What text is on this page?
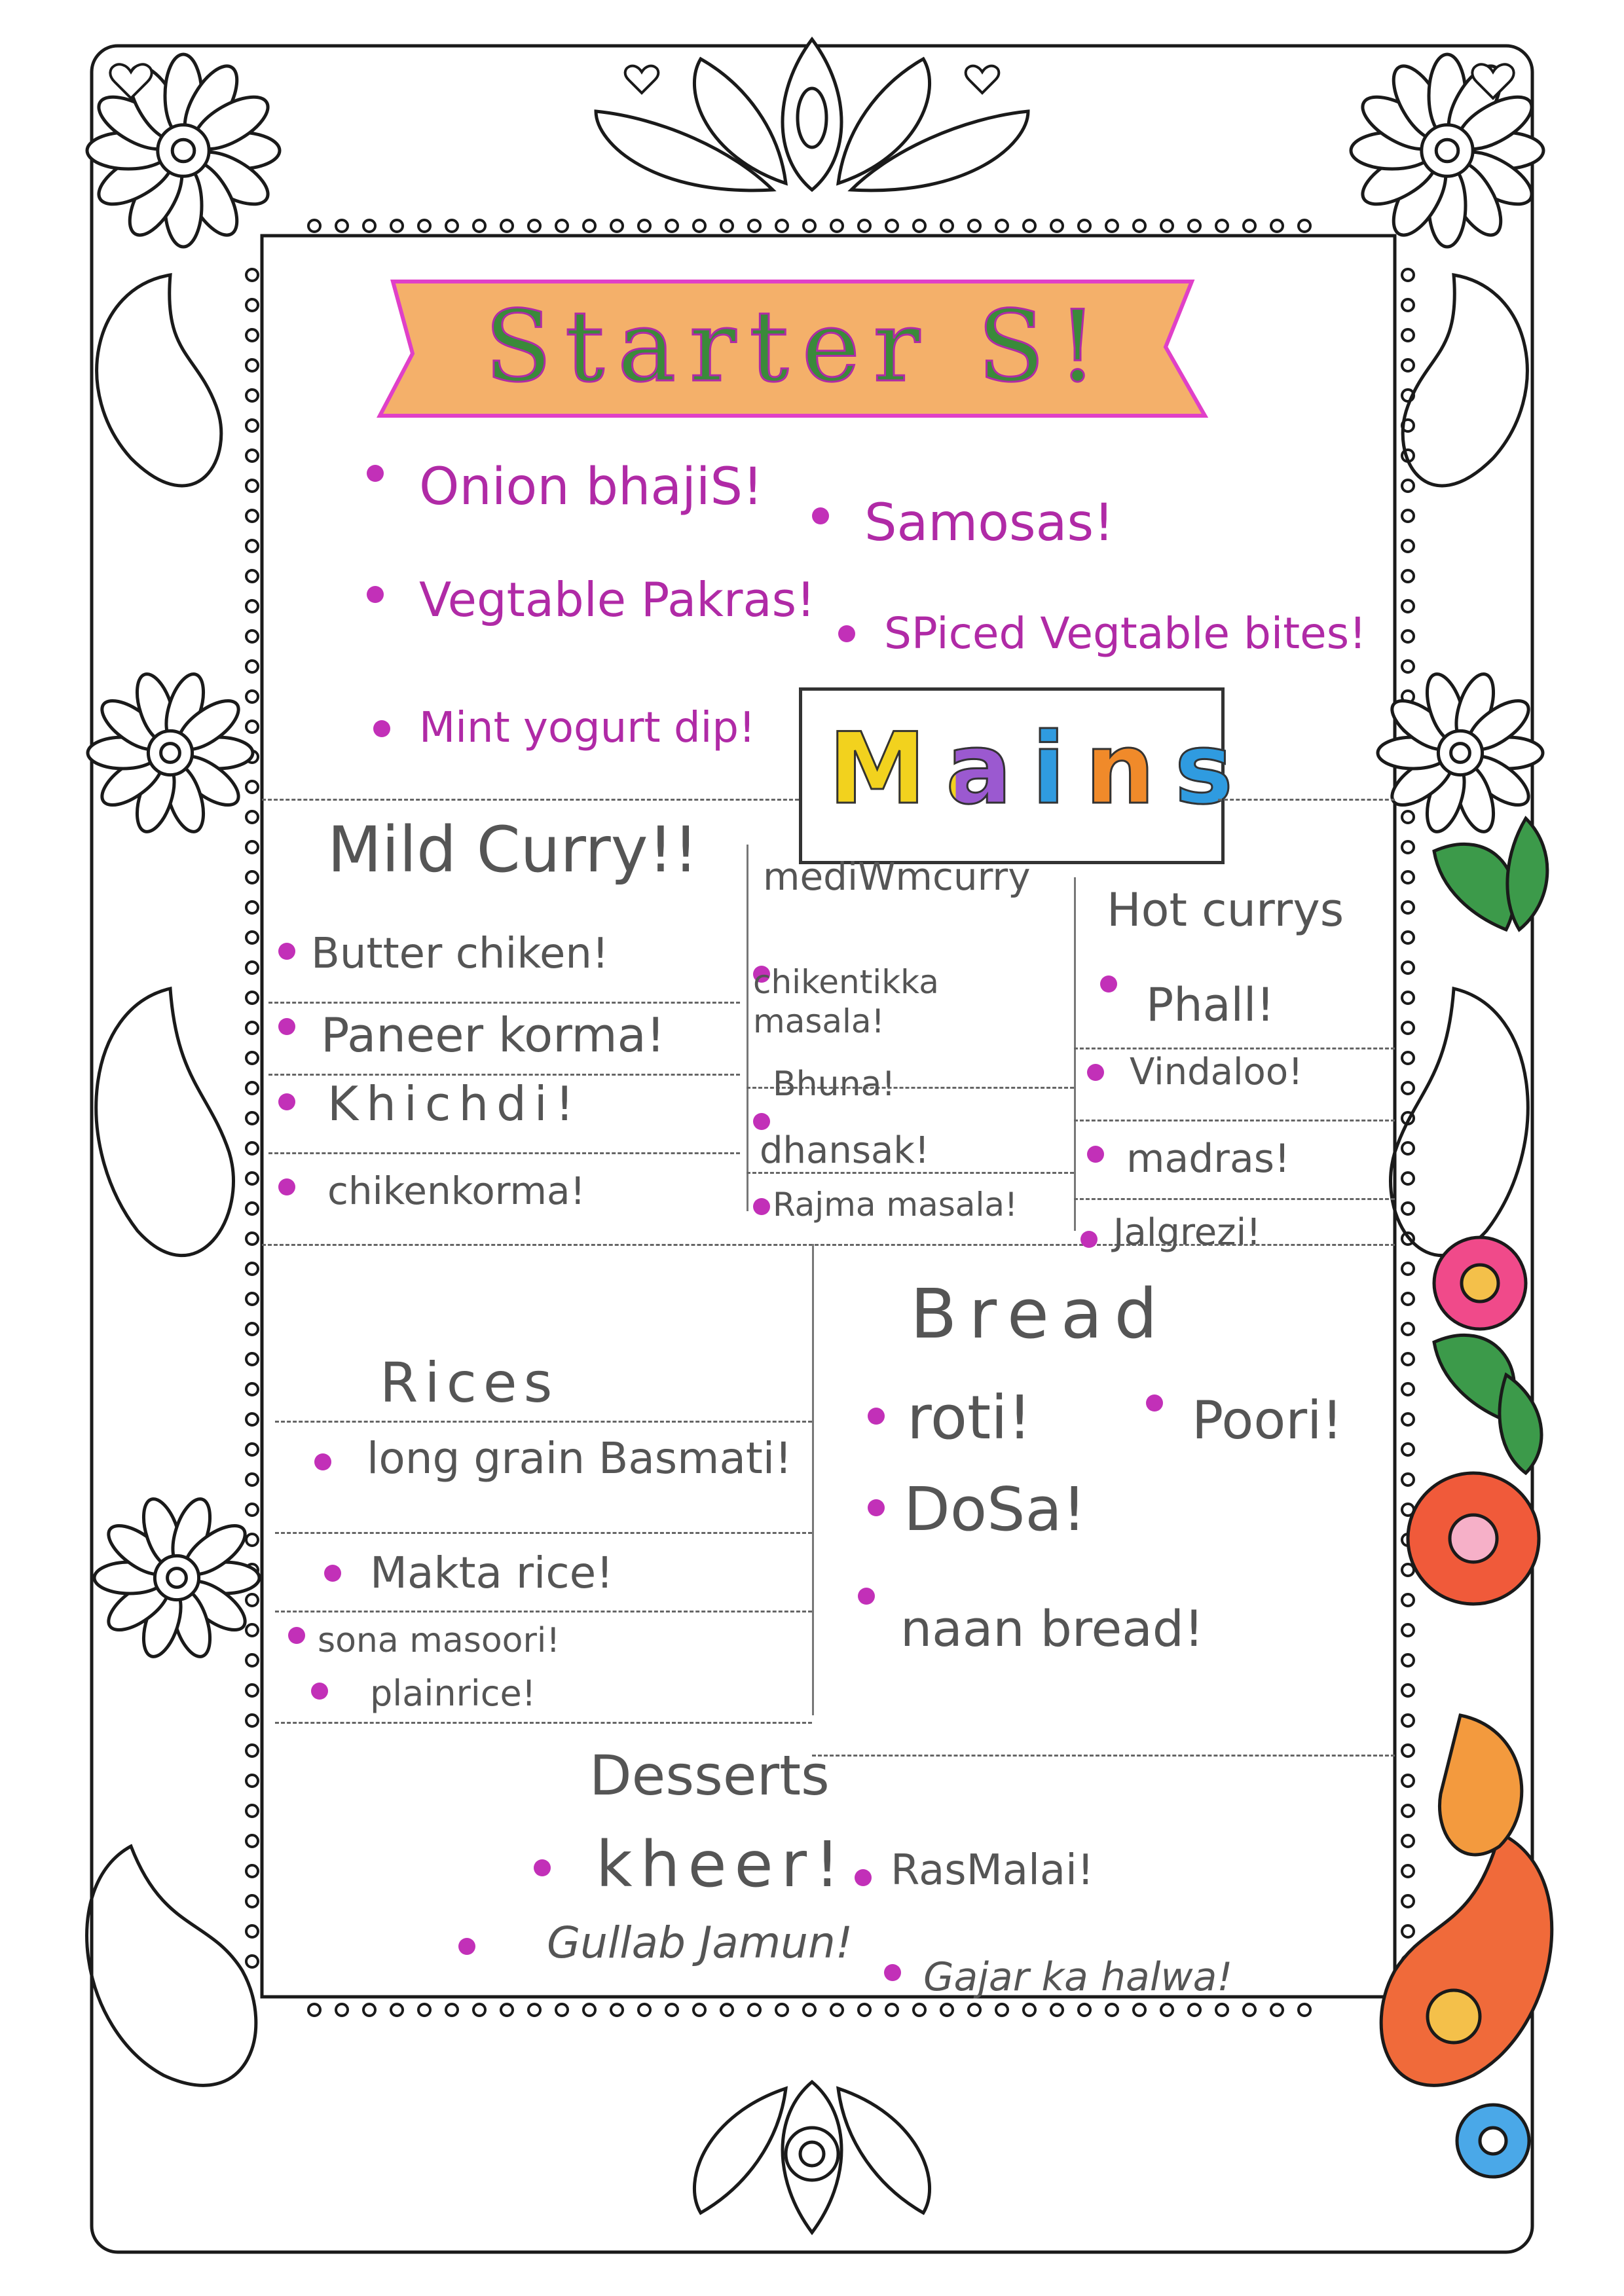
Starter S!
Onion bhajiS!
Samosas!
Vegtable Pakras!
SPiced Vegtable bites!
Mint yogurt dip! Mains
Mild Curry!!
Butter chiken!
Paneer korma!
Khichdi!
chikenkorma!
mediWmcurry
chikentikka masala!
Bhuna!
dhansak!
Rajma masala!
Hot currys
Phall!
Vindaloo!
madras!
Jalgrezi!
Rices
long grain Basmati!
Makta rice!
sona masoori!
plainrice!
Bread
roti!	Poori!
DoSa!
naan bread!
Desserts
kheer! RasMalai!
Gullab Jamun!
Gajar ka halwa!
